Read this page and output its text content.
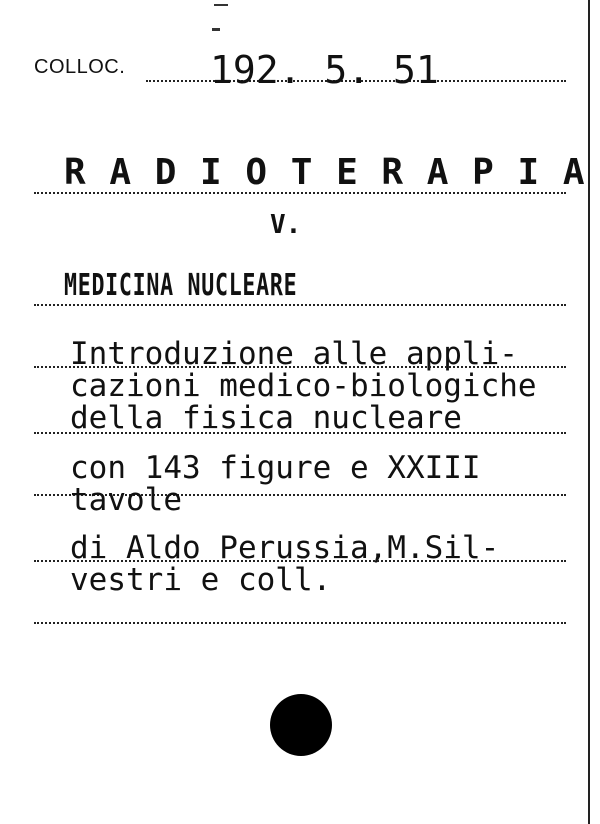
COLLOC. 192. 5. 51
R A D I O T E R A P I A
V.
MEDICINA NUCLEARE
Introduzione alle appli-
cazioni medico-biologiche
della fisica nucleare
con 143 figure e XXIII
tavole
di Aldo Perussia,M.Sil-
vestri e coll.
